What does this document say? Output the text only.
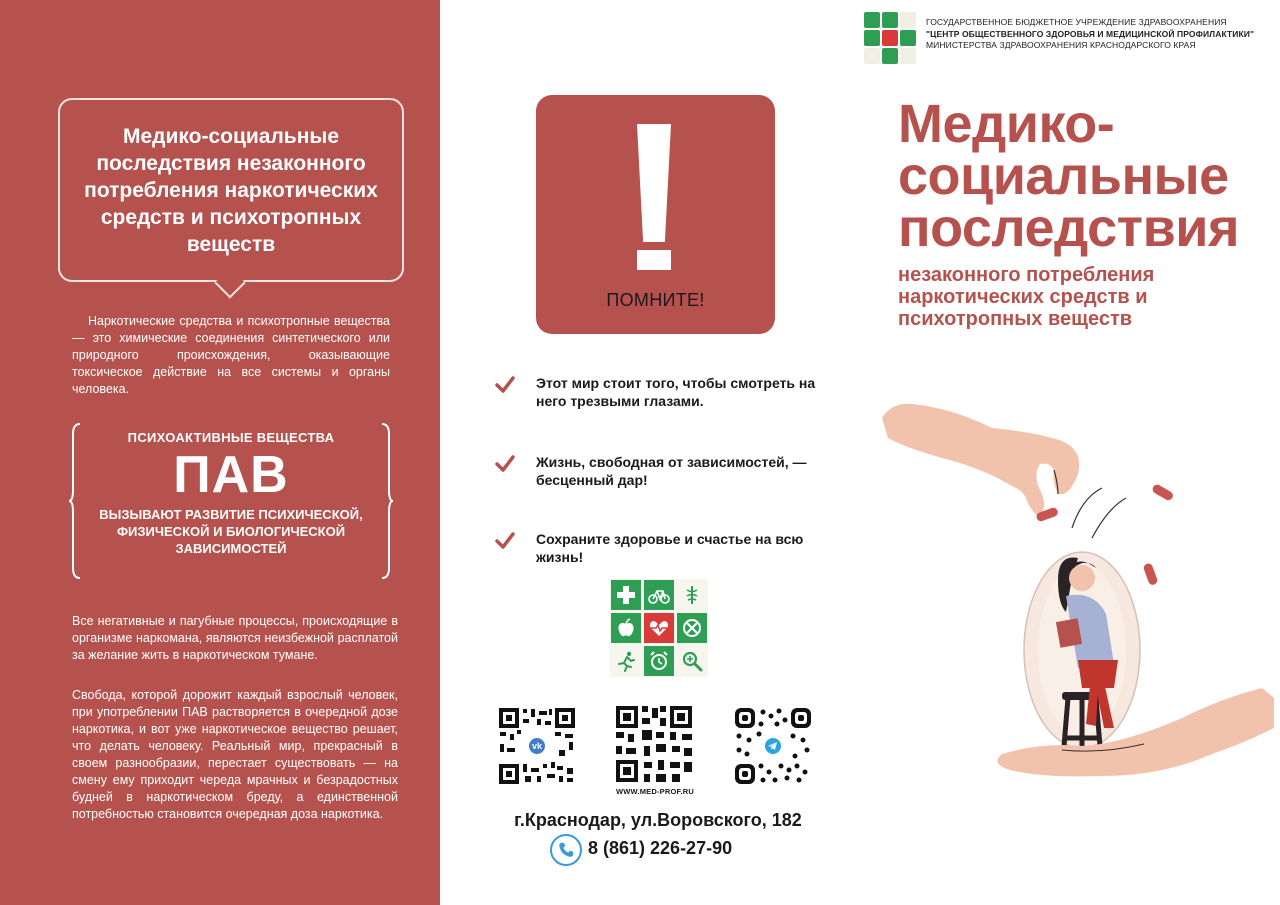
Медико-социальные последствия незаконного потребления наркотических средств и психотропных веществ

Наркотические средства и психотропные вещества — это химические соединения синтетического или природного происхождения, оказывающие токсическое действие на все системы и органы человека.

ПСИХОАКТИВНЫЕ ВЕЩЕСТВА
ПАВ
ВЫЗЫВАЮТ РАЗВИТИЕ ПСИХИЧЕСКОЙ, ФИЗИЧЕСКОЙ И БИОЛОГИЧЕСКОЙ ЗАВИСИМОСТЕЙ

Все негативные и пагубные процессы, происходящие в организме наркомана, являются неизбежной расплатой за желание жить в наркотическом тумане.

Свобода, которой дорожит каждый взрослый человек, при употреблении ПАВ растворяется в очередной дозе наркотика, и вот уже наркотическое вещество решает, что делать человеку. Реальный мир, прекрасный в своем разнообразии, перестает существовать — на смену ему приходит череда мрачных и безрадостных будней в наркотическом бреду, а единственной потребностью становится очередная доза наркотика.

ПОМНИТЕ!
Этот мир стоит того, чтобы смотреть на него трезвыми глазами.
Жизнь, свободная от зависимостей, — бесценный дар!
Сохраните здоровье и счастье на всю жизнь!
vk
WWW.MED-PROF.RU
г.Краснодар, ул.Воровского, 182
8 (861) 226-27-90
ГОСУДАРСТВЕННОЕ БЮДЖЕТНОЕ УЧРЕЖДЕНИЕ ЗДРАВООХРАНЕНИЯ
"ЦЕНТР ОБЩЕСТВЕННОГО ЗДОРОВЬЯ И МЕДИЦИНСКОЙ ПРОФИЛАКТИКИ"
МИНИСТЕРСТВА ЗДРАВООХРАНЕНИЯ КРАСНОДАРСКОГО КРАЯ
Медико-социальные последствия
незаконного потребления наркотических средств и психотропных веществ
